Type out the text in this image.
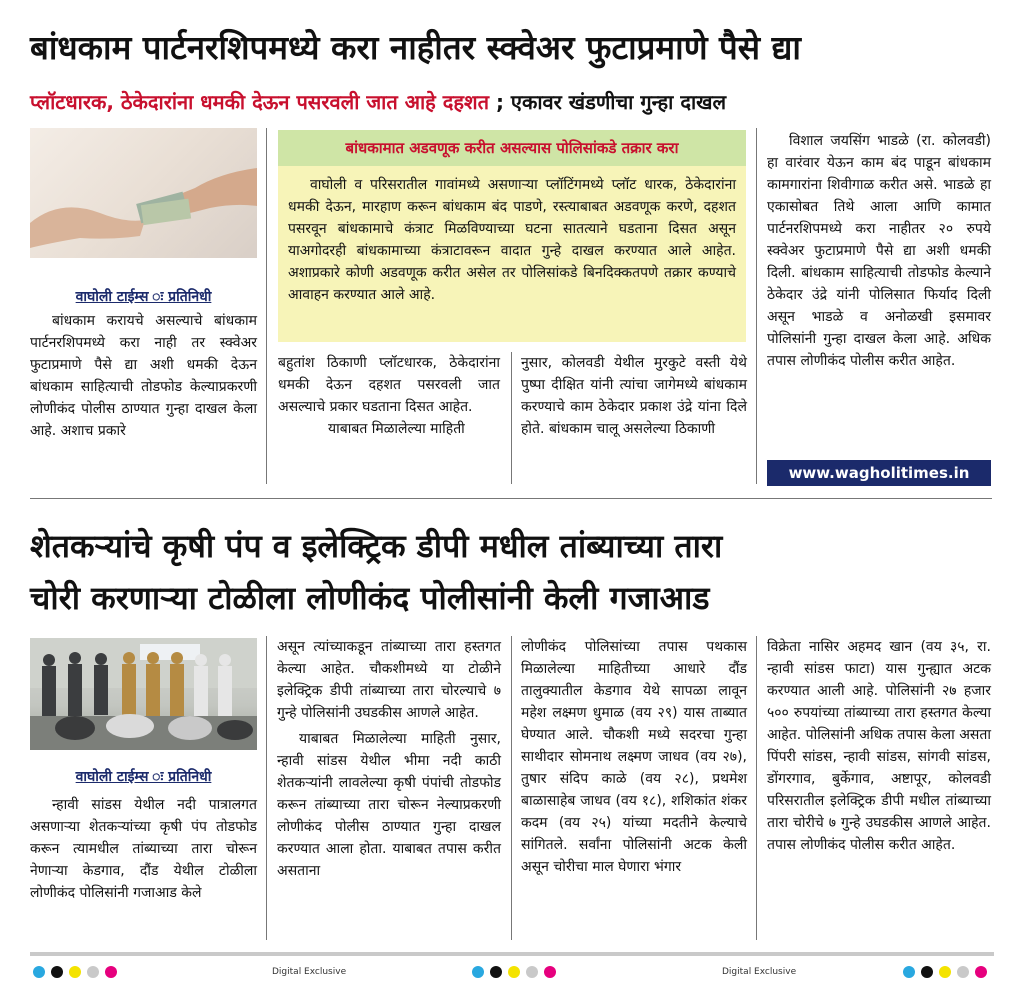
बांधकाम पार्टनरशिपमध्ये करा नाहीतर स्क्वेअर फुटाप्रमाणे पैसे द्या
प्लॉटधारक, ठेकेदारांना धमकी देऊन पसरवली जात आहे दहशत ; एकावर खंडणीचा गुन्हा दाखल
वाघोली टाईम्स ः प्रतिनिधी

बांधकाम करायचे असल्याचे बांधकाम पार्टनरशिपमध्ये करा नाही तर स्क्वेअर फुटाप्रमाणे पैसे द्या अशी धमकी देऊन बांधकाम साहित्याची तोडफोड केल्याप्रकरणी लोणीकंद पोलीस ठाण्यात गुन्हा दाखल केला आहे. अशाच प्रकारे

बांधकामात अडवणूक करीत असल्यास पोलिसांकडे तक्रार करा

वाघोली व परिसरातील गावांमध्ये असणाऱ्या प्लॉटिंगमध्ये प्लॉट धारक, ठेकेदारांना धमकी देऊन, मारहाण करून बांधकाम बंद पाडणे, रस्त्याबाबत अडवणूक करणे, दहशत पसरवून बांधकामाचे कंत्राट मिळविण्याच्या घटना सातत्याने घडताना दिसत असून याअगोदरही बांधकामाच्या कंत्राटावरून वादात गुन्हे दाखल करण्यात आले आहेत. अशाप्रकारे कोणी अडवणूक करीत असेल तर पोलिसांकडे बिनदिक्कतपणे तक्रार कण्याचे आवाहन करण्यात आले आहे.

बहुतांश ठिकाणी प्लॉटधारक, ठेकेदारांना धमकी देऊन दहशत पसरवली जात असल्याचे प्रकार घडताना दिसत आहेत.

याबाबत मिळालेल्या माहिती

नुसार, कोलवडी येथील मुरकुटे वस्ती येथे पुष्पा दीक्षित यांनी त्यांचा जागेमध्ये बांधकाम करण्याचे काम ठेकेदार प्रकाश उंद्रे यांना दिले होते. बांधकाम चालू असलेल्या ठिकाणी

विशाल जयसिंग भाडळे (रा. कोलवडी) हा वारंवार येऊन काम बंद पाडून बांधकाम कामगारांना शिवीगाळ करीत असे. भाडळे हा एकासोबत तिथे आला आणि कामात पार्टनरशिपमध्ये करा नाहीतर २० रुपये स्क्वेअर फुटाप्रमाणे पैसे द्या अशी धमकी दिली. बांधकाम साहित्याची तोडफोड केल्याने ठेकेदार उंद्रे यांनी पोलिसात फिर्याद दिली असून भाडळे व अनोळखी इसमावर पोलिसांनी गुन्हा दाखल केला आहे. अधिक तपास लोणीकंद पोलीस करीत आहेत.

www.wagholitimes.in
शेतकऱ्यांचे कृषी पंप व इलेक्ट्रिक डीपी मधील तांब्याच्या तारा
चोरी करणाऱ्या टोळीला लोणीकंद पोलीसांनी केली गजाआड
वाघोली टाईम्स ः प्रतिनिधी

न्हावी सांडस येथील नदी पात्रालगत असणाऱ्या शेतकऱ्यांच्या कृषी पंप तोडफोड करून त्यामधील तांब्याच्या तारा चोरून नेणाऱ्या केडगाव, दौंड येथील टोळीला लोणीकंद पोलिसांनी गजाआड केले

असून त्यांच्याकडून तांब्याच्या तारा हस्तगत केल्या आहेत. चौकशीमध्ये या टोळीने इलेक्ट्रिक डीपी तांब्याच्या तारा चोरल्याचे ७ गुन्हे पोलिसांनी उघडकीस आणले आहेत.

याबाबत मिळालेल्या माहिती नुसार, न्हावी सांडस येथील भीमा नदी काठी शेतकऱ्यांनी लावलेल्या कृषी पंपांची तोडफोड करून तांब्याच्या तारा चोरून नेल्याप्रकरणी लोणीकंद पोलीस ठाण्यात गुन्हा दाखल करण्यात आला होता. याबाबत तपास करीत असताना

लोणीकंद पोलिसांच्या तपास पथकास मिळालेल्या माहितीच्या आधारे दौंड तालुक्यातील केडगाव येथे सापळा लावून महेश लक्ष्मण धुमाळ (वय २९) यास ताब्यात घेण्यात आले. चौकशी मध्ये सदरचा गुन्हा साथीदार सोमनाथ लक्ष्मण जाधव (वय २७), तुषार संदिप काळे (वय २८), प्रथमेश बाळासाहेब जाधव (वय १८), शशिकांत शंकर कदम (वय २५) यांच्या मदतीने केल्याचे सांगितले. सर्वांना पोलिसांनी अटक केली असून चोरीचा माल घेणारा भंगार

विक्रेता नासिर अहमद खान (वय ३५, रा. न्हावी सांडस फाटा) यास गुन्ह्यात अटक करण्यात आली आहे. पोलिसांनी २७ हजार ५०० रुपयांच्या तांब्याच्या तारा हस्तगत केल्या आहेत. पोलिसांनी अधिक तपास केला असता पिंपरी सांडस, न्हावी सांडस, सांगवी सांडस, डोंगरगाव, बुर्केगाव, अष्टापूर, कोलवडी परिसरातील इलेक्ट्रिक डीपी मधील तांब्याच्या तारा चोरीचे ७ गुन्हे उघडकीस आणले आहेत. तपास लोणीकंद पोलीस करीत आहेत.

Digital Exclusive	Digital Exclusive
